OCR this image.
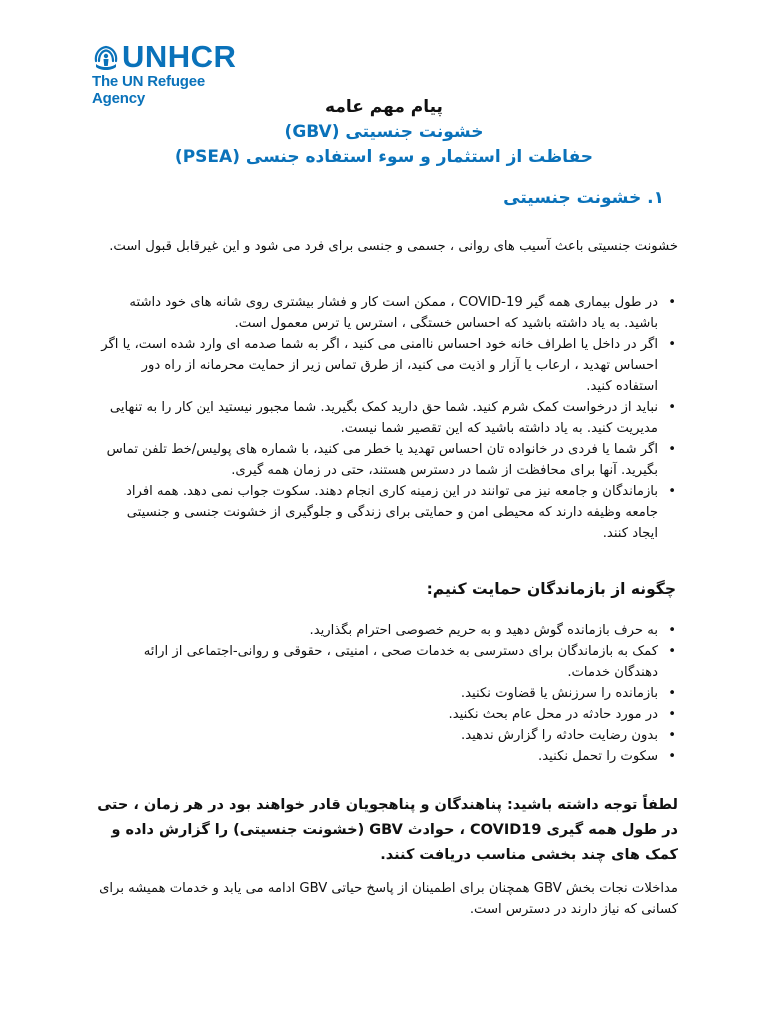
UNHCR
The UN Refugee Agency	پیام مهم عامه
خشونت جنسیتی (GBV)
حفاظت از استثمار و سوء استفاده جنسی (PSEA)
۱. خشونت جنسیتی
خشونت جنسیتی باعث آسیب های روانی ، جسمی و جنسی برای فرد می شود و این غیرقابل قبول است.
• در طول بیماری همه گیر COVID-19 ، ممکن است کار و فشار بیشتری روی شانه های خود داشته باشید. به یاد داشته باشید که احساس خستگی ، استرس یا ترس معمول است.
• اگر در داخل یا اطراف خانه خود احساس ناامنی می کنید ، اگر به شما صدمه ای وارد شده است، یا اگر احساس تهدید ، ارعاب یا آزار و اذیت می کنید، از طرق تماس زیر از حمایت محرمانه از راه دور استفاده کنید.
• نباید از درخواست کمک شرم کنید. شما حق دارید کمک بگیرید. شما مجبور نیستید این کار را به تنهایی مدیریت کنید. به یاد داشته باشید که این تقصیر شما نیست.
• اگر شما یا فردی در خانواده تان احساس تهدید یا خطر می کنید، با شماره های پولیس/خط تلفن تماس بگیرید. آنها برای محافظت از شما در دسترس هستند، حتی در زمان همه گیری.
• بازماندگان و جامعه نیز می توانند در این زمینه کاری انجام دهند. سکوت جواب نمی دهد. همه افراد جامعه وظیفه دارند که محیطی امن و حمایتی برای زندگی و جلوگیری از خشونت جنسی و جنسیتی ایجاد کنند.
چگونه از بازماندگان حمایت کنیم:
• به حرف بازمانده گوش دهید و به حریم خصوصی احترام بگذارید.
• کمک به بازماندگان برای دسترسی به خدمات صحی ، امنیتی ، حقوقی و روانی-اجتماعی از ارائه دهندگان خدمات.
• بازمانده را سرزنش یا قضاوت نکنید.
• در مورد حادثه در محل عام بحث نکنید.
• بدون رضایت حادثه را گزارش ندهید.
• سکوت را تحمل نکنید.
لطفاً توجه داشته باشید: پناهندگان و پناهجویان قادر خواهند بود در هر زمان ، حتی در طول همه گیری COVID19 ، حوادث GBV (خشونت جنسیتی) را گزارش داده و کمک های چند بخشی مناسب دریافت کنند.
مداخلات نجات بخش GBV همچنان برای اطمینان از پاسخ حیاتی GBV ادامه می یابد و خدمات همیشه برای کسانی که نیاز دارند در دسترس است.
